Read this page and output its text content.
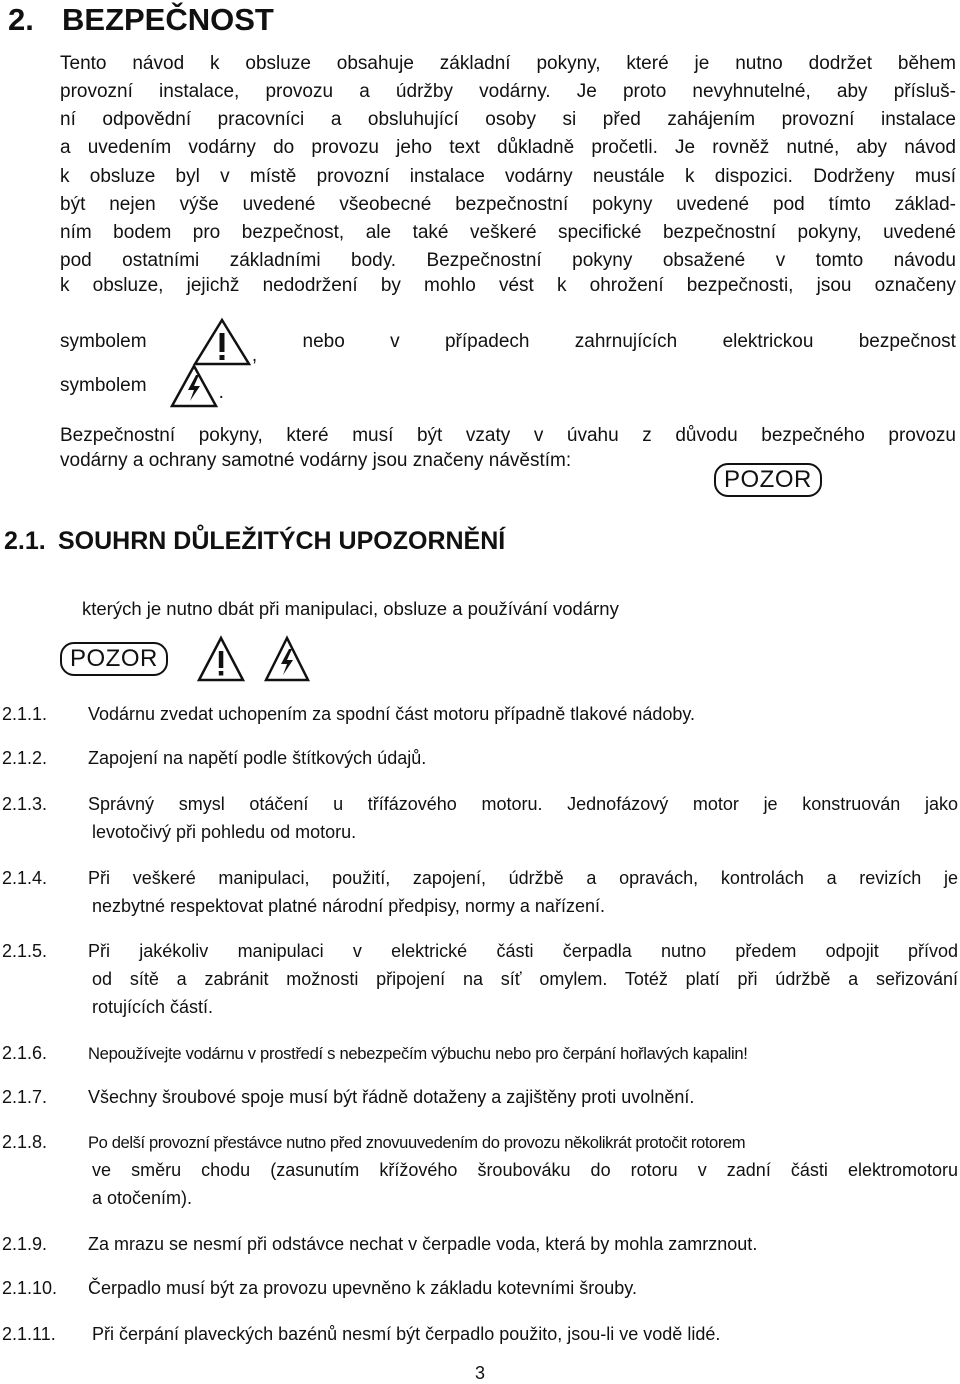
2. BEZPEČNOST
Tento návod k obsluze obsahuje základní pokyny, které je nutno dodržet během
provozní instalace, provozu a údržby vodárny. Je proto nevyhnutelné, aby přísluš-
ní odpovědní pracovníci a obsluhující osoby si před zahájením provozní instalace
a uvedením vodárny do provozu jeho text důkladně pročetli. Je rovněž nutné, aby návod
k obsluze byl v místě provozní instalace vodárny neustále k dispozici. Dodrženy musí
být nejen výše uvedené všeobecné bezpečnostní pokyny uvedené pod tímto základ-
ním bodem pro bezpečnost, ale také veškeré specifické bezpečnostní pokyny, uvedené
pod ostatními základními body. Bezpečnostní pokyny obsažené v tomto návodu
k obsluze, jejichž nedodržení by mohlo vést k ohrožení bezpečnosti, jsou označeny
symbolem
,
nebo v případech zahrnujících elektrickou bezpečnost
symbolem	.
Bezpečnostní pokyny, které musí být vzaty v úvahu z důvodu bezpečného provozu
vodárny a ochrany samotné vodárny jsou značeny návěstím:
POZOR
2.1. SOUHRN DŮLEŽITÝCH UPOZORNĚNÍ
kterých je nutno dbát při manipulaci, obsluze a používání vodárny
POZOR
2.1.1. Vodárnu zvedat uchopením za spodní část motoru případně tlakové nádoby.
2.1.2. Zapojení na napětí podle štítkových údajů.
2.1.3. Správný smysl otáčení u třífázového motoru. Jednofázový motor je konstruován jako
levotočivý při pohledu od motoru.
2.1.4. Při veškeré manipulaci, použití, zapojení, údržbě a opravách, kontrolách a revizích je
nezbytné respektovat platné národní předpisy, normy a nařízení.
2.1.5. Při jakékoliv manipulaci v elektrické části čerpadla nutno předem odpojit přívod
od sítě a zabránit možnosti připojení na síť omylem. Totéž platí při údržbě a seřizování
rotujících částí.
2.1.6. Nepoužívejte vodárnu v prostředí s nebezpečím výbuchu nebo pro čerpání hořlavých kapalin!
2.1.7. Všechny šroubové spoje musí být řádně dotaženy a zajištěny proti uvolnění.
2.1.8. Po delší provozní přestávce nutno před znovuuvedením do provozu několikrát protočit rotorem
ve směru chodu (zasunutím křížového šroubováku do rotoru v zadní části elektromotoru
a otočením).
2.1.9. Za mrazu se nesmí při odstávce nechat v čerpadle voda, která by mohla zamrznout.
2.1.10. Čerpadlo musí být za provozu upevněno k základu kotevními šrouby.
2.1.11. Při čerpání plaveckých bazénů nesmí být čerpadlo použito, jsou-li ve vodě lidé.
3
